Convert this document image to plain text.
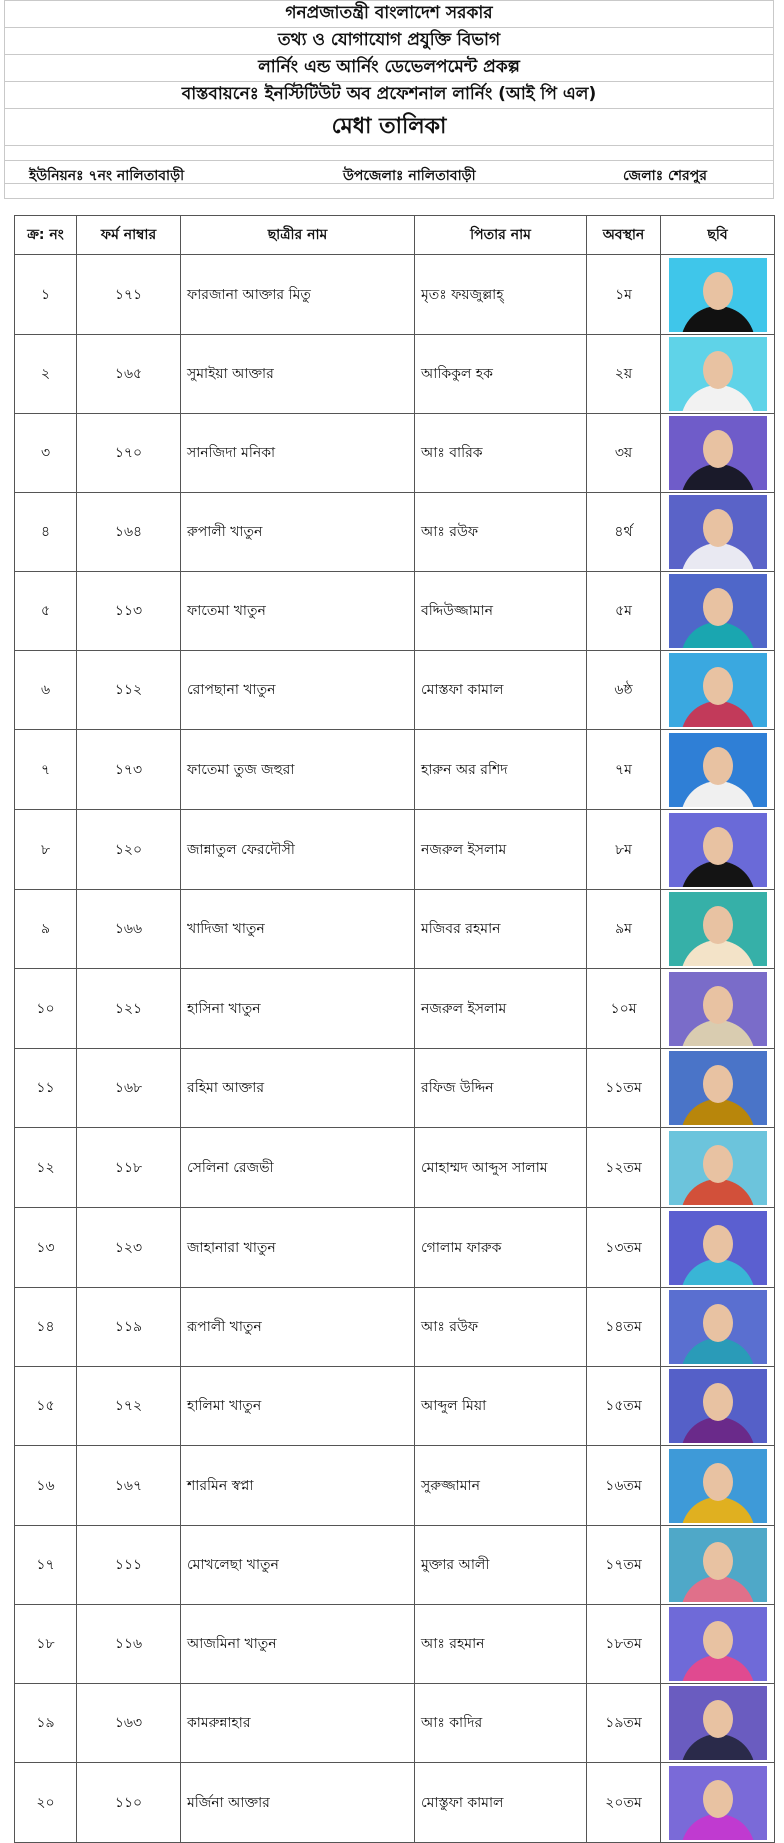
গনপ্রজাতন্ত্রী বাংলাদেশ সরকার
তথ্য ও যোগাযোগ প্রযুক্তি বিভাগ
লার্নিং এন্ড আর্নিং ডেভেলপমেন্ট প্রকল্প
বাস্তবায়নেঃ ইনস্টিটিউট অব প্রফেশনাল লার্নিং (আই পি এল)
মেধা তালিকা
ইউনিয়নঃ ৭নং নালিতাবাড়ী	উপজেলাঃ নালিতাবাড়ী	জেলাঃ শেরপুর
ক্র: নং	ফর্ম নাম্বার	ছাত্রীর নাম	পিতার নাম	অবস্থান	ছবি
১	১৭১	ফারজানা আক্তার মিতু	মৃতঃ ফয়জুল্লাহ্	১ম	

২	১৬৫	সুমাইয়া আক্তার	আকিকুল হক	২য়	

৩	১৭০	সানজিদা মনিকা	আঃ বারিক	৩য়	

৪	১৬৪	রুপালী খাতুন	আঃ রউফ	৪র্থ	

৫	১১৩	ফাতেমা খাতুন	বদ্দিউজ্জামান	৫ম	

৬	১১২	রোপছানা খাতুন	মোস্তফা কামাল	৬ষ্ঠ	

৭	১৭৩	ফাতেমা তুজ জহুরা	হারুন অর রশিদ	৭ম	

৮	১২০	জান্নাতুল ফেরদৌসী	নজরুল ইসলাম	৮ম	

৯	১৬৬	খাদিজা খাতুন	মজিবর রহমান	৯ম	

১০	১২১	হাসিনা খাতুন	নজরুল ইসলাম	১০ম	

১১	১৬৮	রহিমা আক্তার	রফিজ উদ্দিন	১১তম	

১২	১১৮	সেলিনা রেজভী	মোহাম্মদ আব্দুস সালাম	১২তম	

১৩	১২৩	জাহানারা খাতুন	গোলাম ফারুক	১৩তম	

১৪	১১৯	রূপালী খাতুন	আঃ রউফ	১৪তম	

১৫	১৭২	হালিমা খাতুন	আব্দুল মিয়া	১৫তম	

১৬	১৬৭	শারমিন স্বপ্না	সুরুজ্জামান	১৬তম	

১৭	১১১	মোখলেছা খাতুন	মুক্তার আলী	১৭তম	

১৮	১১৬	আজমিনা খাতুন	আঃ রহমান	১৮তম	

১৯	১৬৩	কামরুন্নাহার	আঃ কাদির	১৯তম	

২০	১১০	মর্জিনা আক্তার	মোস্তুফা কামাল	২০তম	
